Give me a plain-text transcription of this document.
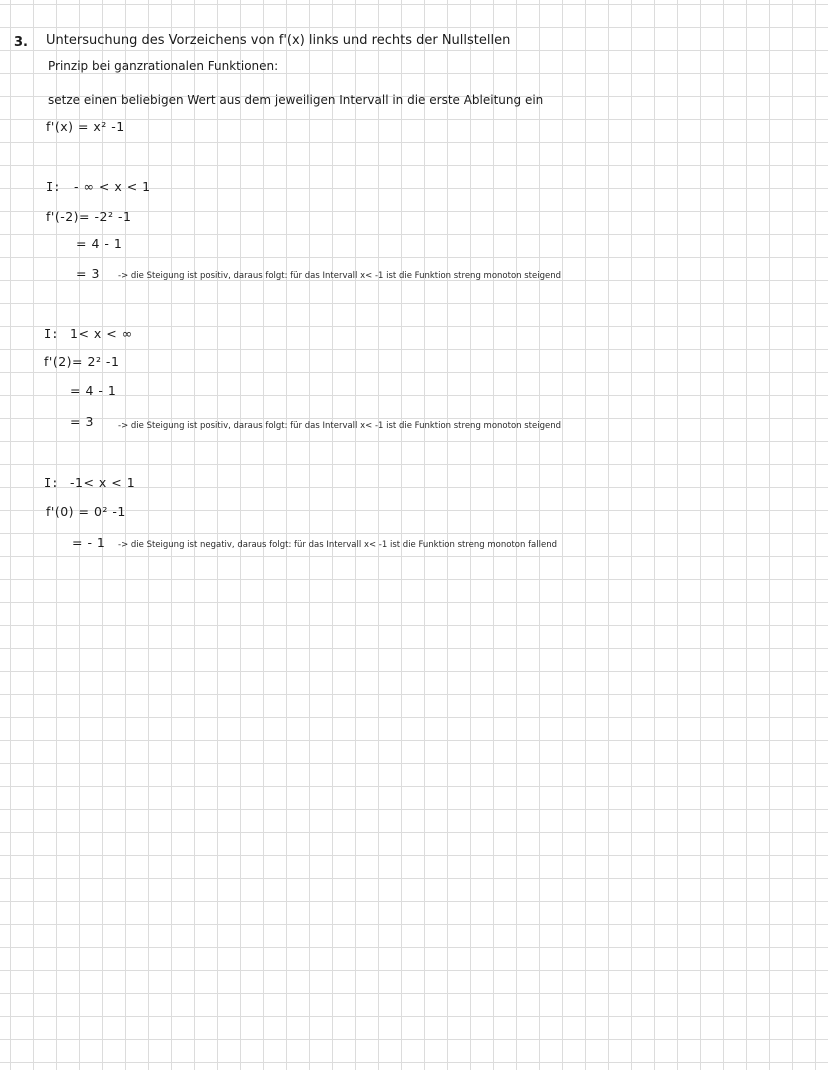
3. Untersuchung des Vorzeichens von f'(x) links und rechts der Nullstellen
Prinzip bei ganzrationalen Funktionen:
setze einen beliebigen Wert aus dem jeweiligen Intervall in die erste Ableitung ein
f'(x) = x² -1
I: - ∞ < x < 1
f'(-2)= -2² -1
= 4 - 1
= 3 -> die Steigung ist positiv, daraus folgt: für das Intervall x< -1 ist die Funktion streng monoton steigend
I: 1< x < ∞
f'(2)= 2² -1
= 4 - 1
= 3	-> die Steigung ist positiv, daraus folgt: für das Intervall x< -1 ist die Funktion streng monoton steigend
I: -1< x < 1
f'(0) = 0² -1
= - 1 -> die Steigung ist negativ, daraus folgt: für das Intervall x< -1 ist die Funktion streng monoton fallend
